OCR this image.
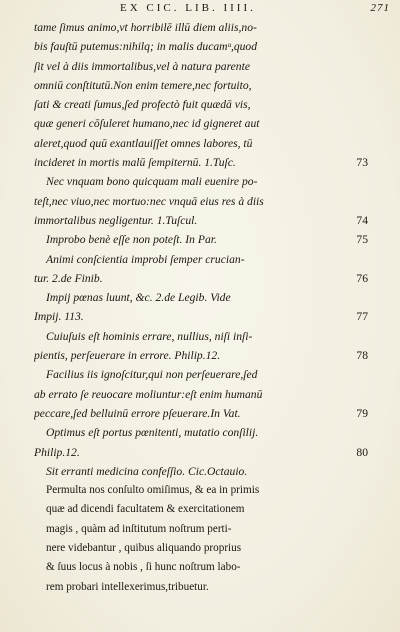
EX CIC. LIB. IIII.	271
tame ſimus animo,vt horribilē illū diem aliis,no-
bis fauſtū putemus:nihilq; in malis ducamᵘ,quod
ſit vel à diis immortalibus,vel à natura parente
omniū conſtitutū.Non enim temere,nec fortuito,
ſati & creati ſumus,ſed profectò fuit quædā vis,
quæ generi cōſuleret humano,nec id gigneret aut
aleret,quod quū exantlauiſſet omnes labores, tū
incideret in mortis malū ſempiternū. 1.Tuſc.	73
Nec vnquam bono quicquam mali euenire po-
teſt,nec viuo,nec mortuo:nec vnquā eius res à diis
immortalibus negligentur. 1.Tuſcul.	74
Improbo benè eſſe non poteſt. In Par.	75
Animi conſcientia improbi ſemper crucian-
tur. 2.de Finib.	76
Impij pœnas luunt, &c. 2.de Legib. Vide
Impij. 113.	77
Cuiuſuis eſt hominis errare, nullius, niſi inſi-
pientis, perſeuerare in errore. Philip.12.	78
Facilius iis ignoſcitur,qui non perſeuerare,ſed
ab errato ſe reuocare moliuntur:eſt enim humanū
peccare,ſed belluinū errore pſeuerare.In Vat.	79
Optimus eſt portus pœnitenti, mutatio conſilij.
Philip.12.	80
Sit erranti medicina confeſſio. Cic.Octauio.
Permulta nos conſulto omiſimus, & ea in primis
quæ ad dicendi facultatem & exercitationem
magis , quàm ad inſtitutum noſtrum perti-
nere videbantur , quibus aliquando proprius
& ſuus locus à nobis , ſi hunc noſtrum labo-
rem probari intellexerimus,tribuetur.
